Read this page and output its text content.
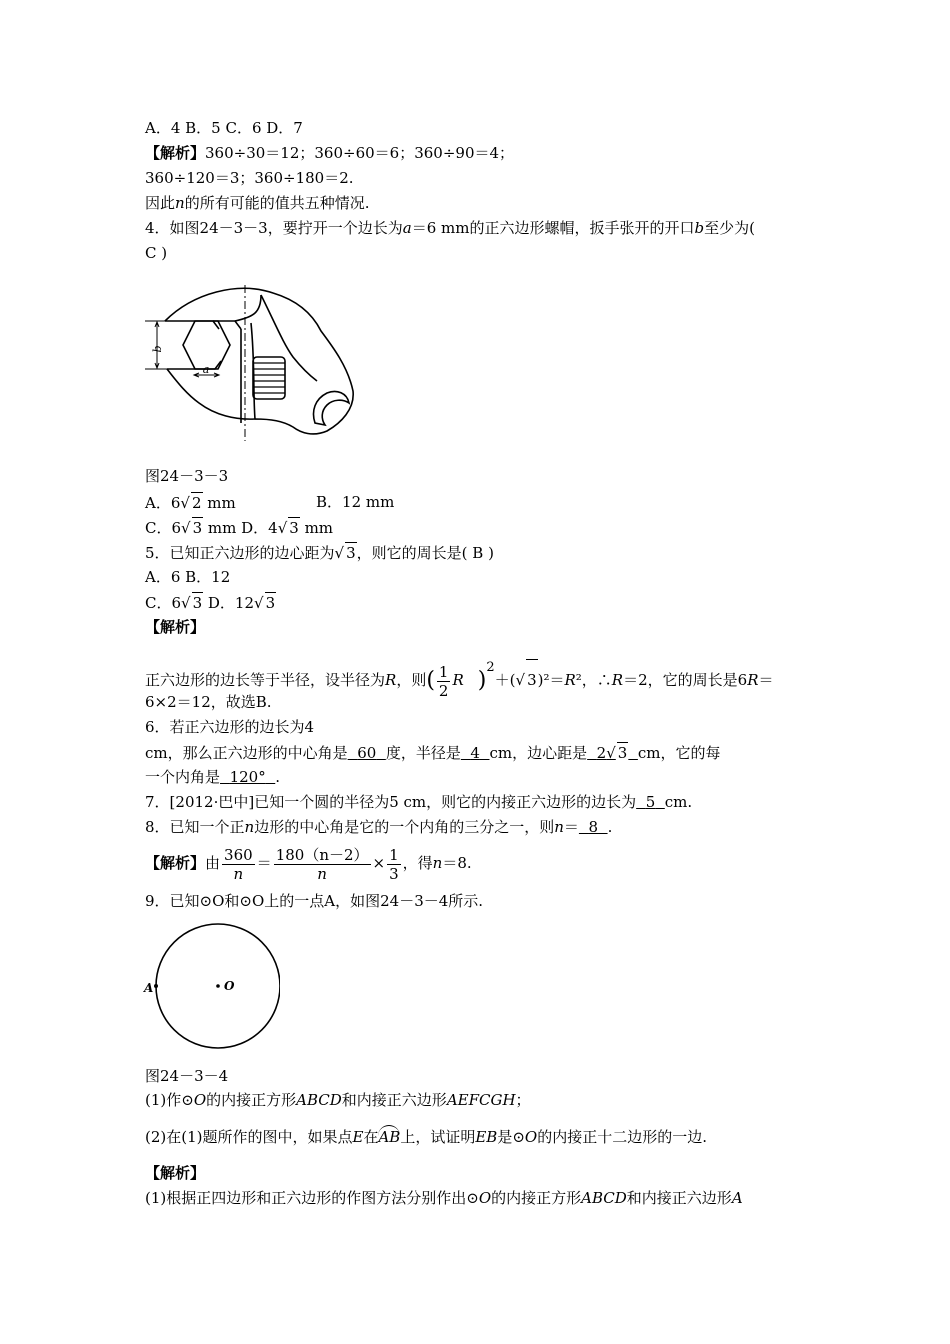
A．4 B．5 C．6 D．7
【解析】360÷30＝12；360÷60＝6；360÷90＝4；
360÷120＝3；360÷180＝2.
因此n的所有可能的值共五种情况.
4．如图24－3－3，要拧开一个边长为a＝6 mm的正六边形螺帽，扳手张开的开口b至少为(
C )
b
a
图24－3－3
A．6√ 2 mm	B．12 mm
C．6√ 3 mm D．4√ 3 mm
5．已知正六边形的边心距为√ 3，则它的周长是( B )
A．6 B．12
C．6√ 3 D．12√ 3
【解析】
正六边形的边长等于半径，设半径为R，则( $\frac{1}{2}$ R )2＋(√ 3)²＝R²，∴R＝2，它的周长是6R＝
6×2＝12，故选B.
6．若正六边形的边长为4
cm，那么正六边形的中心角是 60 度，半径是 4 cm，边心距是 2√ 3 cm，它的每
一个内角是 120° .
7．[2012·巴中]已知一个圆的半径为5 cm，则它的内接正六边形的边长为 5 cm.
8．已知一个正n边形的中心角是它的一个内角的三分之一，则n＝ 8 .
【解析】由 $\frac{360}{n} = \frac{180(n-2)}{n} \times \frac{1}{3}$ ，得n＝8.
9．已知⊙O和⊙O上的一点A，如图24－3－4所示.
A	O
图24－3－4
(1)作⊙O的内接正方形ABCD和内接正六边形AEFCGH；
(2)在(1)题所作的图中，如果点E在AB上，试证明EB是⊙O的内接正十二边形的一边.
【解析】
(1)根据正四边形和正六边形的作图方法分别作出⊙O的内接正方形ABCD和内接正六边形A
